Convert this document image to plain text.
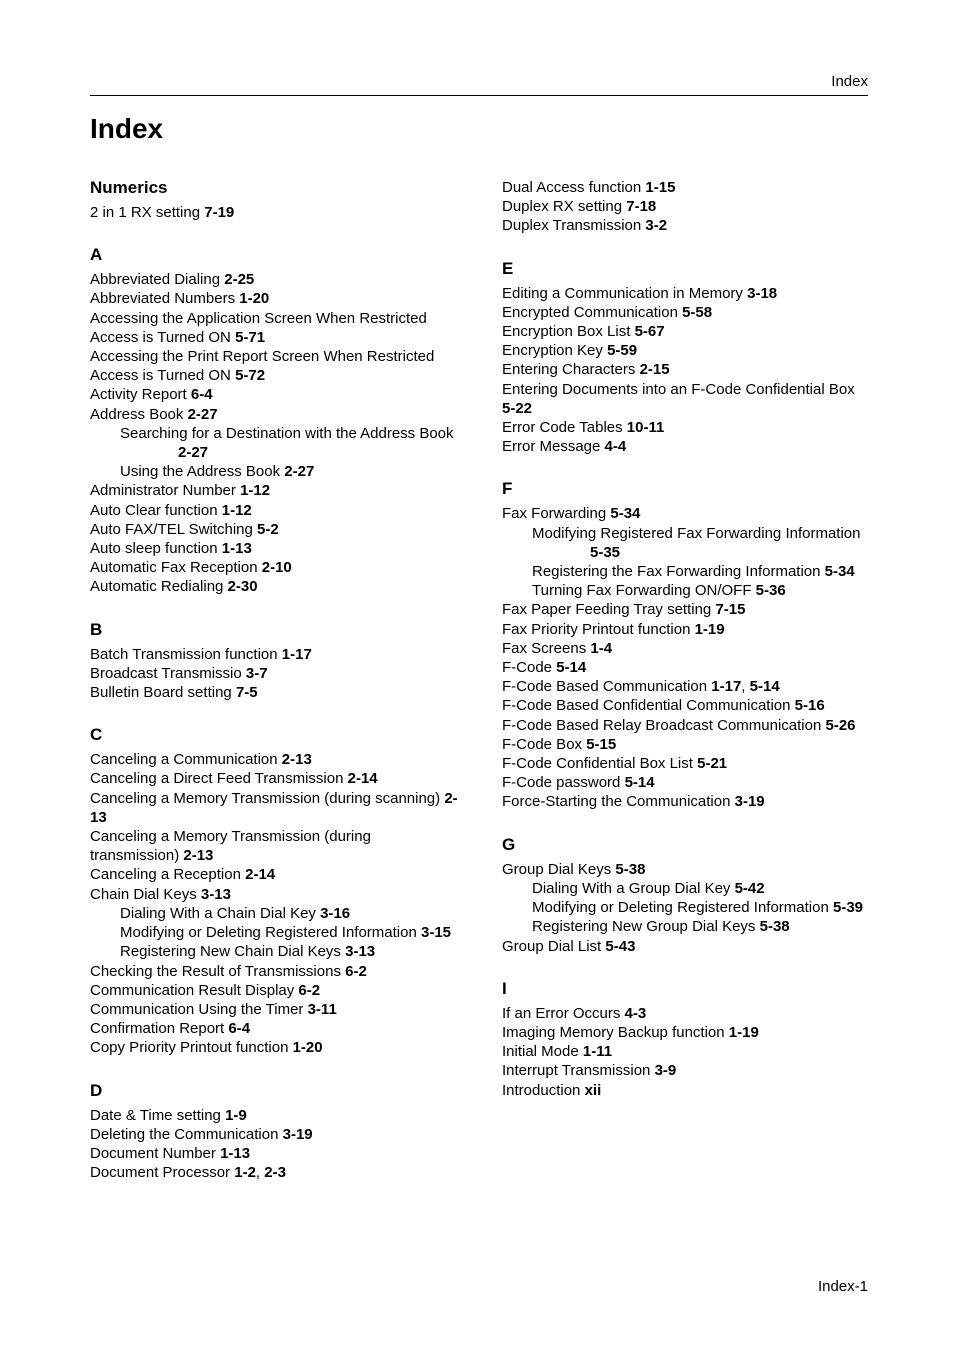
Index
Index
Numerics
2 in 1 RX setting 7-19
A
Abbreviated Dialing 2-25
Abbreviated Numbers 1-20
Accessing the Application Screen When Restricted Access is Turned ON 5-71
Accessing the Print Report Screen When Restricted Access is Turned ON 5-72
Activity Report 6-4
Address Book 2-27
Searching for a Destination with the Address Book 2-27
Using the Address Book 2-27
Administrator Number 1-12
Auto Clear function 1-12
Auto FAX/TEL Switching 5-2
Auto sleep function 1-13
Automatic Fax Reception 2-10
Automatic Redialing 2-30
B
Batch Transmission function 1-17
Broadcast Transmissio 3-7
Bulletin Board setting 7-5
C
Canceling a Communication 2-13
Canceling a Direct Feed Transmission 2-14
Canceling a Memory Transmission (during scanning) 2-13
Canceling a Memory Transmission (during transmission) 2-13
Canceling a Reception 2-14
Chain Dial Keys 3-13
Dialing With a Chain Dial Key 3-16
Modifying or Deleting Registered Information 3-15
Registering New Chain Dial Keys 3-13
Checking the Result of Transmissions 6-2
Communication Result Display 6-2
Communication Using the Timer 3-11
Confirmation Report 6-4
Copy Priority Printout function 1-20
D
Date & Time setting 1-9
Deleting the Communication 3-19
Document Number 1-13
Document Processor 1-2, 2-3
Dual Access function 1-15
Duplex RX setting 7-18
Duplex Transmission 3-2
E
Editing a Communication in Memory 3-18
Encrypted Communication 5-58
Encryption Box List 5-67
Encryption Key 5-59
Entering Characters 2-15
Entering Documents into an F-Code Confidential Box 5-22
Error Code Tables 10-11
Error Message 4-4
F
Fax Forwarding 5-34
Modifying Registered Fax Forwarding Information 5-35
Registering the Fax Forwarding Information 5-34
Turning Fax Forwarding ON/OFF 5-36
Fax Paper Feeding Tray setting 7-15
Fax Priority Printout function 1-19
Fax Screens 1-4
F-Code 5-14
F-Code Based Communication 1-17, 5-14
F-Code Based Confidential Communication 5-16
F-Code Based Relay Broadcast Communication 5-26
F-Code Box 5-15
F-Code Confidential Box List 5-21
F-Code password 5-14
Force-Starting the Communication 3-19
G
Group Dial Keys 5-38
Dialing With a Group Dial Key 5-42
Modifying or Deleting Registered Information 5-39
Registering New Group Dial Keys 5-38
Group Dial List 5-43
I
If an Error Occurs 4-3
Imaging Memory Backup function 1-19
Initial Mode 1-11
Interrupt Transmission 3-9
Introduction xii
Index-1
